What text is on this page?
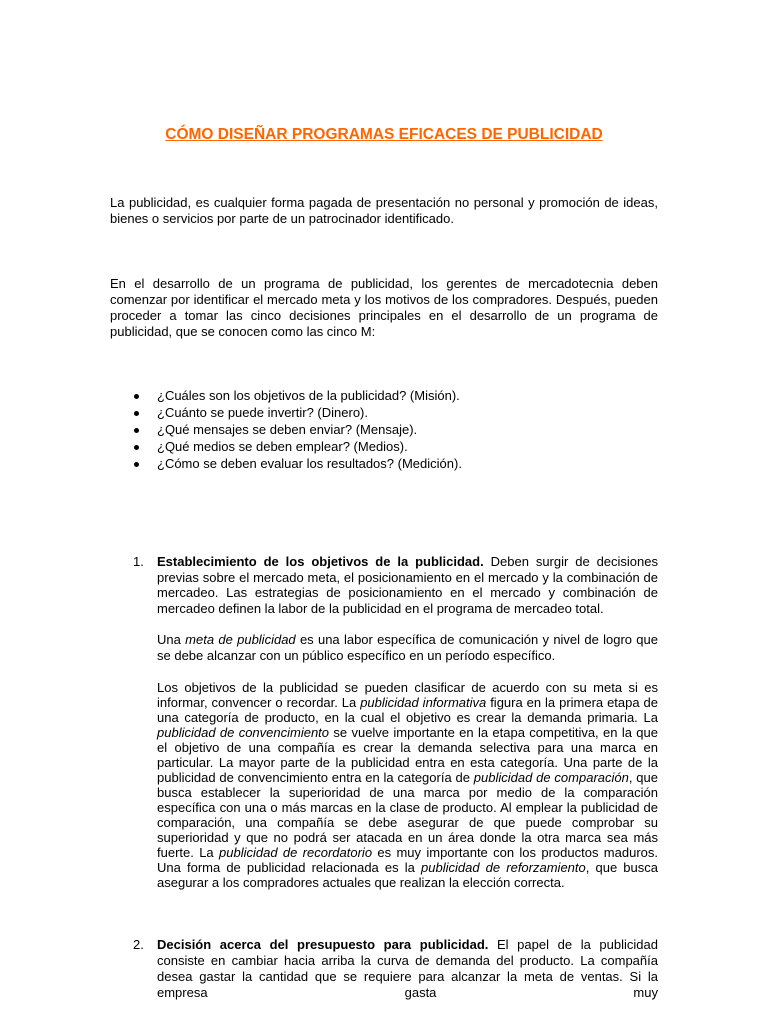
CÓMO DISEÑAR PROGRAMAS EFICACES DE PUBLICIDAD

La publicidad, es cualquier forma pagada de presentación no personal y promoción de ideas, bienes o servicios por parte de un patrocinador identificado.

En el desarrollo de un programa de publicidad, los gerentes de mercadotecnia deben comenzar por identificar el mercado meta y los motivos de los compradores. Después, pueden proceder a tomar las cinco decisiones principales en el desarrollo de un programa de publicidad, que se conocen como las cinco M:

¿Cuáles son los objetivos de la publicidad? (Misión).
¿Cuánto se puede invertir? (Dinero).
¿Qué mensajes se deben enviar? (Mensaje).
¿Qué medios se deben emplear? (Medios).
¿Cómo se deben evaluar los resultados? (Medición).
1. Establecimiento de los objetivos de la publicidad. Deben surgir de decisiones previas sobre el mercado meta, el posicionamiento en el mercado y la combinación de mercadeo. Las estrategias de posicionamiento en el mercado y combinación de mercadeo definen la labor de la publicidad en el programa de mercadeo total.

Una meta de publicidad es una labor específica de comunicación y nivel de logro que se debe alcanzar con un público específico en un período específico.

Los objetivos de la publicidad se pueden clasificar de acuerdo con su meta si es informar, convencer o recordar. La publicidad informativa figura en la primera etapa de una categoría de producto, en la cual el objetivo es crear la demanda primaria. La publicidad de convencimiento se vuelve importante en la etapa competitiva, en la que el objetivo de una compañía es crear la demanda selectiva para una marca en particular. La mayor parte de la publicidad entra en esta categoría. Una parte de la publicidad de convencimiento entra en la categoría de publicidad de comparación, que busca establecer la superioridad de una marca por medio de la comparación específica con una o más marcas en la clase de producto. Al emplear la publicidad de comparación, una compañía se debe asegurar de que puede comprobar su superioridad y que no podrá ser atacada en un área donde la otra marca sea más fuerte. La publicidad de recordatorio es muy importante con los productos maduros. Una forma de publicidad relacionada es la publicidad de reforzamiento, que busca asegurar a los compradores actuales que realizan la elección correcta.

2. Decisión acerca del presupuesto para publicidad. El papel de la publicidad consiste en cambiar hacia arriba la curva de demanda del producto. La compañía desea gastar la cantidad que se requiere para alcanzar la meta de ventas. Si la empresa gasta muy
